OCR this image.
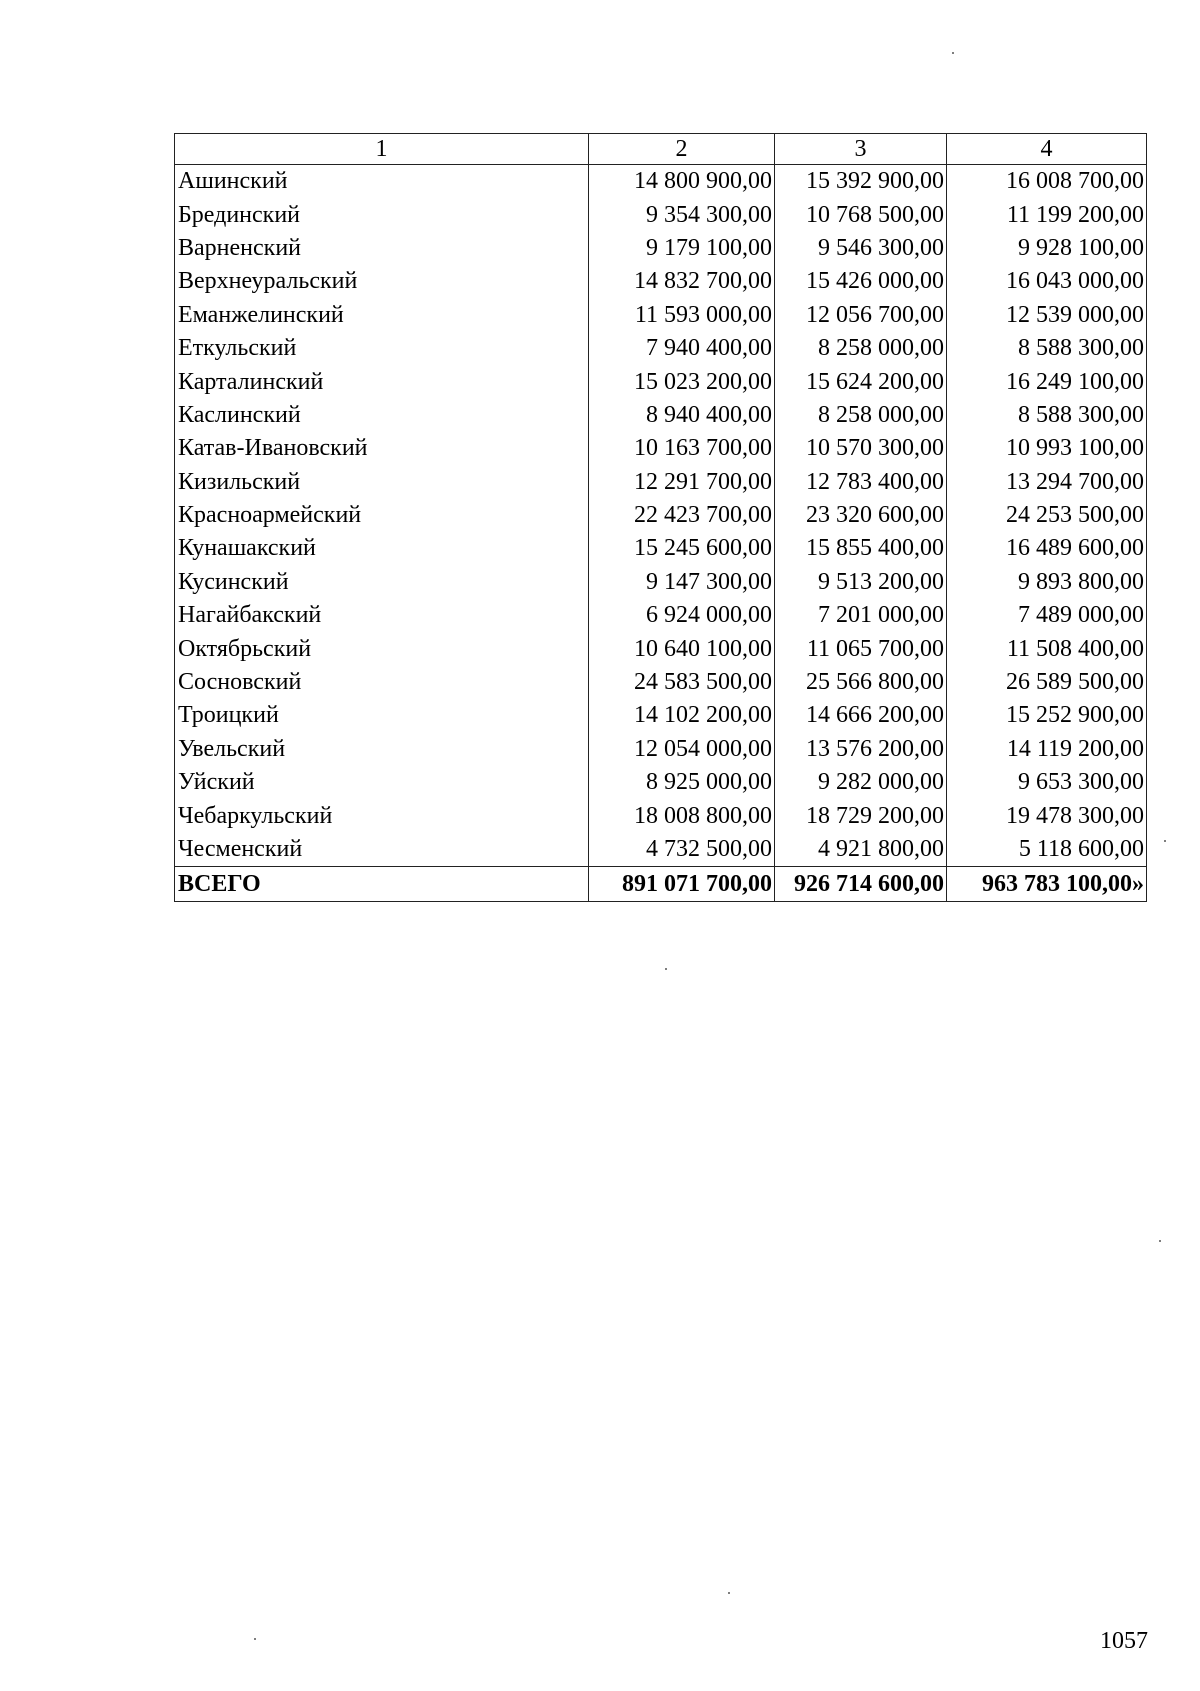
1	2	3	4
Ашинский	14 800 900,00	15 392 900,00	16 008 700,00
Брединский	9 354 300,00	10 768 500,00	11 199 200,00
Варненский	9 179 100,00	9 546 300,00	9 928 100,00
Верхнеуральский	14 832 700,00	15 426 000,00	16 043 000,00
Еманжелинский	11 593 000,00	12 056 700,00	12 539 000,00
Еткульский	7 940 400,00	8 258 000,00	8 588 300,00
Карталинский	15 023 200,00	15 624 200,00	16 249 100,00
Каслинский	8 940 400,00	8 258 000,00	8 588 300,00
Катав-Ивановский	10 163 700,00	10 570 300,00	10 993 100,00
Кизильский	12 291 700,00	12 783 400,00	13 294 700,00
Красноармейский	22 423 700,00	23 320 600,00	24 253 500,00
Кунашакский	15 245 600,00	15 855 400,00	16 489 600,00
Кусинский	9 147 300,00	9 513 200,00	9 893 800,00
Нагайбакский	6 924 000,00	7 201 000,00	7 489 000,00
Октябрьский	10 640 100,00	11 065 700,00	11 508 400,00
Сосновский	24 583 500,00	25 566 800,00	26 589 500,00
Троицкий	14 102 200,00	14 666 200,00	15 252 900,00
Увельский	12 054 000,00	13 576 200,00	14 119 200,00
Уйский	8 925 000,00	9 282 000,00	9 653 300,00
Чебаркульский	18 008 800,00	18 729 200,00	19 478 300,00
Чесменский	4 732 500,00	4 921 800,00	5 118 600,00
ВСЕГО	891 071 700,00	926 714 600,00	963 783 100,00»
1057
